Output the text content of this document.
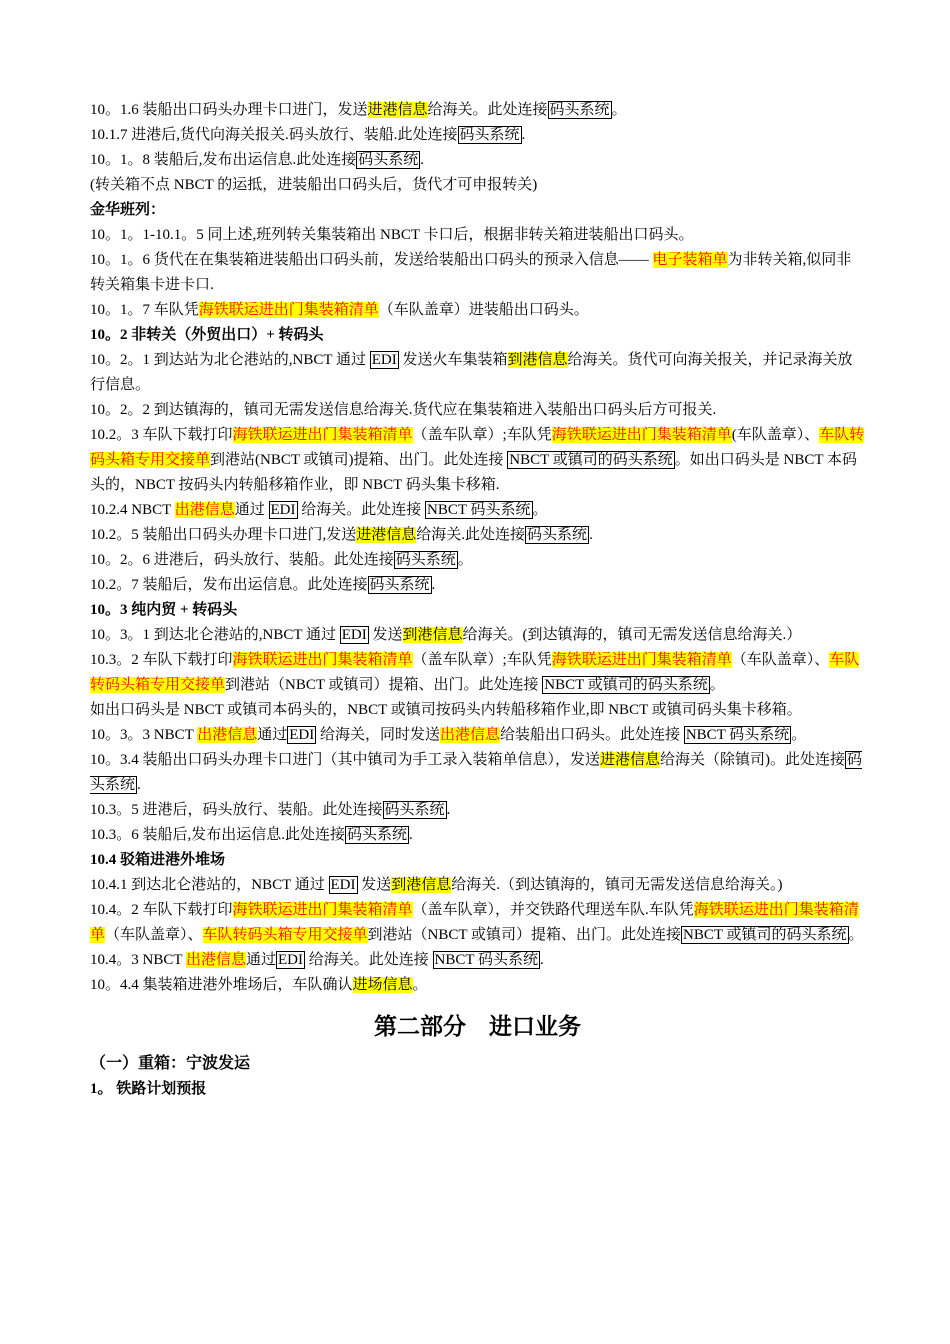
10。1.6 装船出口码头办理卡口进门，发送进港信息给海关。此处连接 码头系统 。
10.1.7 进港后,货代向海关报关.码头放行、装船.此处连接 码头系统 .
10。1。8 装船后,发布出运信息.此处连接 码头系统 .
(转关箱不点 NBCT 的运抵，进装船出口码头后，货代才可申报转关)
金华班列：
10。1。1-10.1。5 同上述,班列转关集装箱出 NBCT 卡口后，根据非转关箱进装船出口码头。
10。1。6 货代在在集装箱进装船出口码头前，发送给装船出口码头的预录入信息—— 电子装箱单为非转关箱,似同非转关箱集卡进卡口.
10。1。7 车队凭海铁联运进出门集装箱清单（车队盖章）进装船出口码头。
10。2 非转关（外贸出口）+ 转码头
10。2。1 到达站为北仑港站的,NBCT 通过 EDI 发送火车集装箱到港信息给海关。货代可向海关报关，并记录海关放行信息。
10。2。2 到达镇海的，镇司无需发送信息给海关.货代应在集装箱进入装船出口码头后方可报关.
10.2。3 车队下载打印海铁联运进出门集装箱清单（盖车队章）;车队凭海铁联运进出门集装箱清单(车队盖章）、车队转码头箱专用交接单到港站(NBCT 或镇司)提箱、出门。此处连接 NBCT 或镇司的码头系统 。如出口码头是 NBCT 本码头的，NBCT 按码头内转船移箱作业，即 NBCT 码头集卡移箱.
10.2.4 NBCT 出港信息通过 EDI 给海关。此处连接 NBCT 码头系统 。
10.2。5 装船出口码头办理卡口进门,发送进港信息给海关.此处连接 码头系统 .
10。2。6 进港后，码头放行、装船。此处连接 码头系统 。
10.2。7 装船后，发布出运信息。此处连接 码头系统 .
10。3 纯内贸 + 转码头
10。3。1 到达北仑港站的,NBCT 通过 EDI 发送到港信息给海关。(到达镇海的，镇司无需发送信息给海关.）
10.3。2 车队下载打印海铁联运进出门集装箱清单（盖车队章）;车队凭海铁联运进出门集装箱清单（车队盖章）、车队转码头箱专用交接单到港站（NBCT 或镇司）提箱、出门。此处连接 NBCT 或镇司的码头系统 。
如出口码头是 NBCT 或镇司本码头的，NBCT 或镇司按码头内转船移箱作业,即 NBCT 或镇司码头集卡移箱。
10。3。3 NBCT 出港信息通过 EDI 给海关，同时发送出港信息给装船出口码头。此处连接 NBCT 码头系统 。
10。3.4 装船出口码头办理卡口进门（其中镇司为手工录入装箱单信息），发送进港信息给海关（除镇司)。此处连接 码头系统 .
10.3。5 进港后，码头放行、装船。此处连接 码头系统 .
10.3。6 装船后,发布出运信息.此处连接 码头系统 .
10.4 驳箱进港外堆场
10.4.1 到达北仑港站的，NBCT 通过 EDI 发送到港信息给海关.（到达镇海的，镇司无需发送信息给海关。)
10.4。2 车队下载打印海铁联运进出门集装箱清单（盖车队章），并交铁路代理送车队.车队凭海铁联运进出门集装箱清单（车队盖章）、车队转码头箱专用交接单到港站（NBCT 或镇司）提箱、出门。此处连接 NBCT 或镇司的码头系统 。
10.4。3 NBCT 出港信息通过 EDI 给海关。此处连接 NBCT 码头系统 .
10。4.4 集装箱进港外堆场后，车队确认进场信息。
第二部分　进口业务
（一）重箱：宁波发运
1。 铁路计划预报
